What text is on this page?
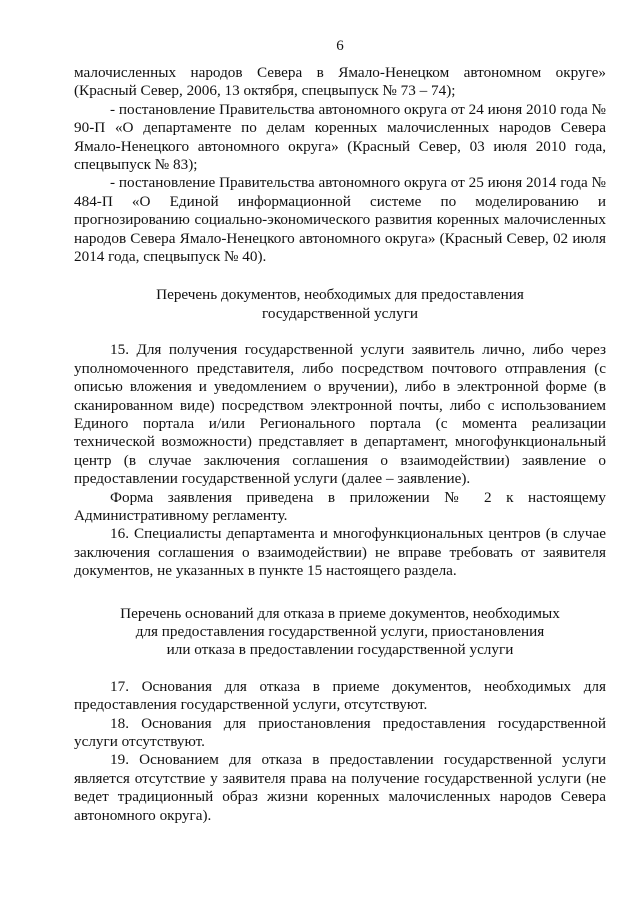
6

малочисленных народов Севера в Ямало-Ненецком автономном округе» (Красный Север, 2006, 13 октября, спецвыпуск № 73 – 74);

- постановление Правительства автономного округа от 24 июня 2010 года № 90-П «О департаменте по делам коренных малочисленных народов Севера Ямало-Ненецкого автономного округа» (Красный Север, 03 июля 2010 года, спецвыпуск № 83);

- постановление Правительства автономного округа от 25 июня 2014 года № 484-П «О Единой информационной системе по моделированию и прогнозированию социально-экономического развития коренных малочисленных народов Севера Ямало-Ненецкого автономного округа» (Красный Север, 02 июля 2014 года, спецвыпуск № 40).

Перечень документов, необходимых для предоставления

государственной услуги

15. Для получения государственной услуги заявитель лично, либо через уполномоченного представителя, либо посредством почтового отправления (с описью вложения и уведомлением о вручении), либо в электронной форме (в сканированном виде) посредством электронной почты, либо с использованием Единого портала и/или Регионального портала (с момента реализации технической возможности) представляет в департамент, многофункциональный центр (в случае заключения соглашения о взаимодействии) заявление о предоставлении государственной услуги (далее – заявление).

Форма заявления приведена в приложении № 2 к настоящему Административному регламенту.

16. Специалисты департамента и многофункциональных центров (в случае заключения соглашения о взаимодействии) не вправе требовать от заявителя документов, не указанных в пункте 15 настоящего раздела.

Перечень оснований для отказа в приеме документов, необходимых

для предоставления государственной услуги, приостановления

или отказа в предоставлении государственной услуги

17. Основания для отказа в приеме документов, необходимых для предоставления государственной услуги, отсутствуют.

18. Основания для приостановления предоставления государственной услуги отсутствуют.

19. Основанием для отказа в предоставлении государственной услуги является отсутствие у заявителя права на получение государственной услуги (не ведет традиционный образ жизни коренных малочисленных народов Севера автономного округа).
